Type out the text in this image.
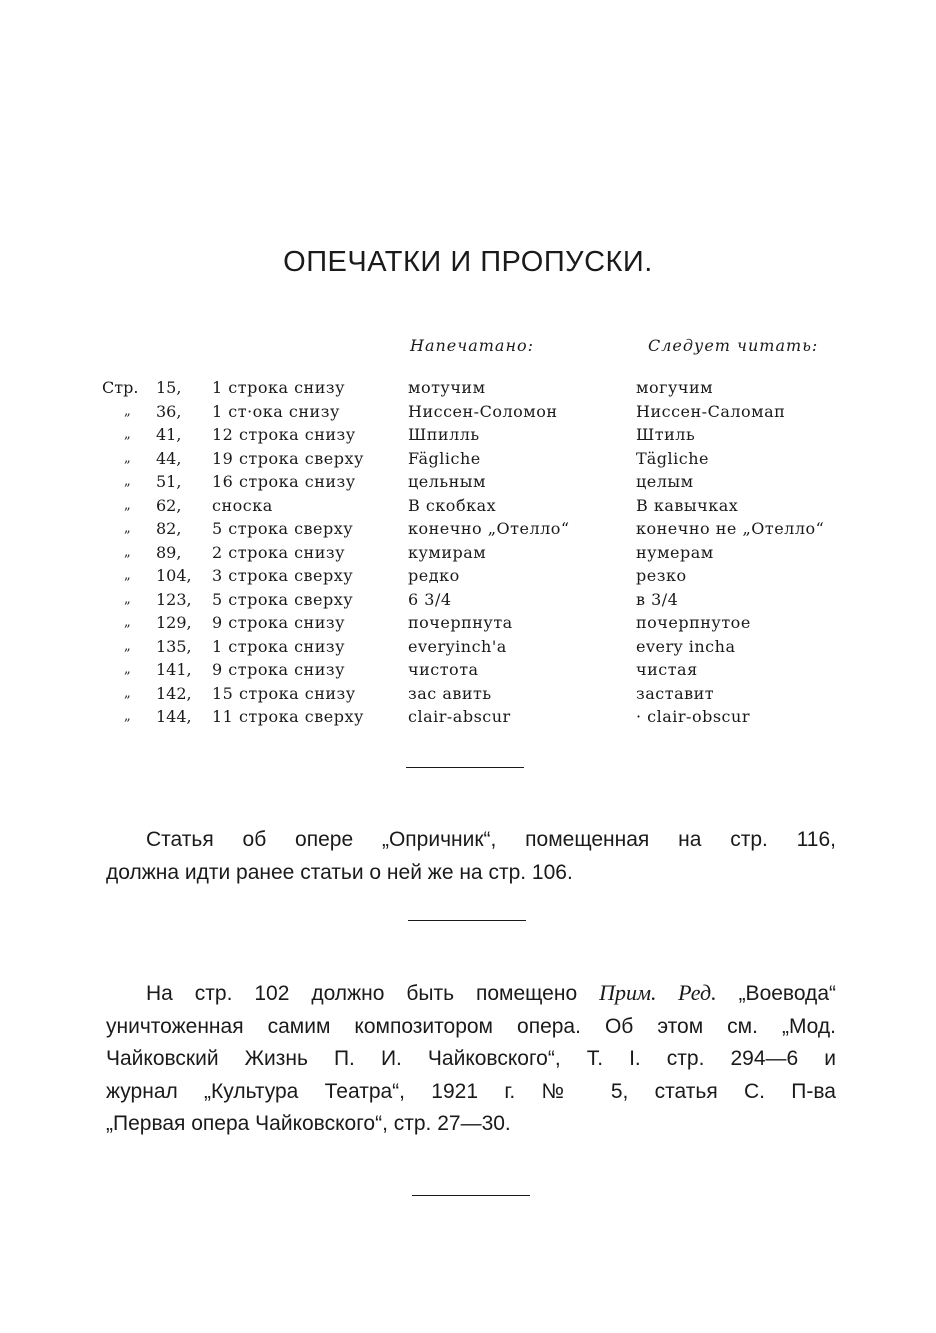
ОПЕЧАТКИ И ПРОПУСКИ.
Напечатано:	Следует читать:
Стр. 15, 1 строка снизу	мотучим	могучим
„ 36, 1 ст·ока снизу	Ниссен-Соломон	Ниссен-Саломап
„ 41, 12 строка снизу	Шпилль	Штиль
„ 44, 19 строка сверху	Fägliche	Tägliche
„ 51, 16 строка снизу	цельным	целым
„ 62, сноска	В скобках	В кавычках
„ 82, 5 строка сверху	конечно „Отелло“	конечно не „Отелло“
„ 89, 2 строка снизу	кумирам	нумерам
„ 104, 3 строка сверху	редко	резко
„ 123, 5 строка сверху	6 3/4	в 3/4
„ 129, 9 строка снизу	почерпнута	почерпнутое
„ 135, 1 строка снизу	everyinch'a	every incha
„ 141, 9 строка снизу	чистота	чистая
„ 142, 15 строка снизу	зас авить	заставит
„ 144, 11 строка сверху	clair-abscur	· clair-obscur

Статья об опере „Опричник“, помещенная на стр. 116,
должна идти ранее статьи о ней же на стр. 106.

На стр. 102 должно быть помещено Прим. Ред. „Воевода“
уничтоженная самим композитором опера. Об этом см. „Мод.
Чайковский Жизнь П. И. Чайковского“, Т. I. стр. 294—6 и
журнал „Культура Театра“, 1921 г. № 5, статья С. П-ва
„Первая опера Чайковского“, стр. 27—30.
